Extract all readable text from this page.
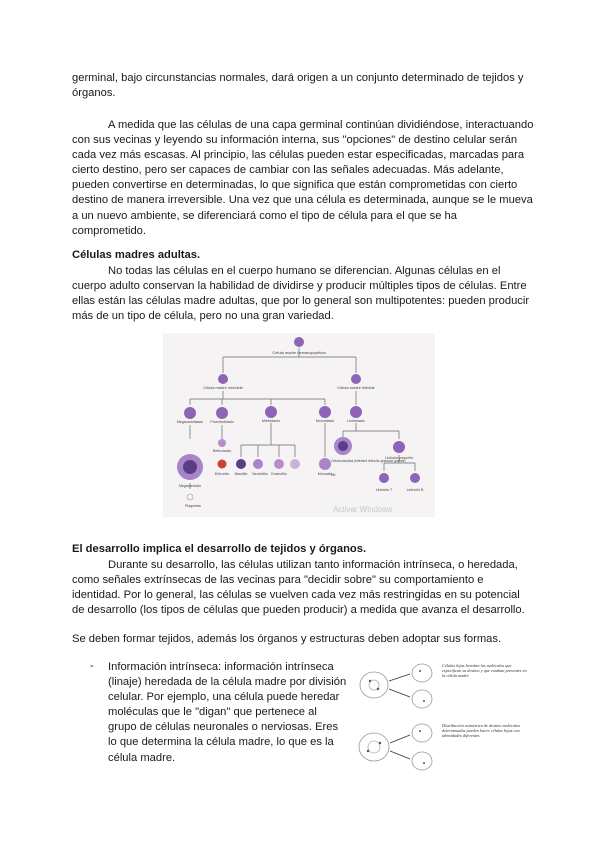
germinal, bajo circunstancias normales, dará origen a un conjunto determinado de tejidos y órganos.

A medida que las células de una capa germinal continúan dividiéndose, interactuando con sus vecinas y leyendo su información interna, sus "opciones" de destino celular serán cada vez más escasas. Al principio, las células pueden estar especificadas, marcadas para cierto destino, pero ser capaces de cambiar con las señales adecuadas. Más adelante, pueden convertirse en determinadas, lo que significa que están comprometidas con cierto destino de manera irreversible. Una vez que una célula es determinada, aunque se le mueva a un nuevo ambiente, se diferenciará como el tipo de célula para el que se ha comprometido.

Células madres adultas.

No todas las células en el cuerpo humano se diferencian. Algunas células en el cuerpo adulto conservan la habilidad de dividirse y producir múltiples tipos de células. Entre ellas están las células madre adultas, que por lo general son multipotentes: pueden producir más de un tipo de célula, pero no una gran variedad.

Célula madre hematopoyética
Célula madre mieloide	Célula madre linfoide
Megacarioblasto Proeritroblasto	Mieloblasto	Monoblasto	Linfoblasto
Reticulocito
Megacariocito
Plaquetas
Eritrocito Basófilo Neutrófilo Eosinófilo	Monocito
Célula asesina (infected linfocito granular grande)
NK
Linfocito pequeño
Linfocito T	Linfocito B
Activar Windows

El desarrollo implica el desarrollo de tejidos y órganos.

Durante su desarrollo, las células utilizan tanto información intrínseca, o heredada, como señales extrínsecas de las vecinas para "decidir sobre" su comportamiento e identidad. Por lo general, las células se vuelven cada vez más restringidas en su potencial de desarrollo (los tipos de células que pueden producir) a medida que avanza el desarrollo.

Se deben formar tejidos, además los órganos y estructuras deben adoptar sus formas.

- Información intrínseca: información intrínseca (linaje) heredada de la célula madre por división celular. Por ejemplo, una célula puede heredar moléculas que le "digan" que pertenece al grupo de células neuronales o nerviosas. Eres lo que determina la célula madre, lo que es la célula madre.

Células hijas heredan los moléculas que especifican su destino y que estaban presentes en la célula madre
Distribución asimétrica de destino moléculas determinadas pueden hacer células hijas con identidades diferentes
